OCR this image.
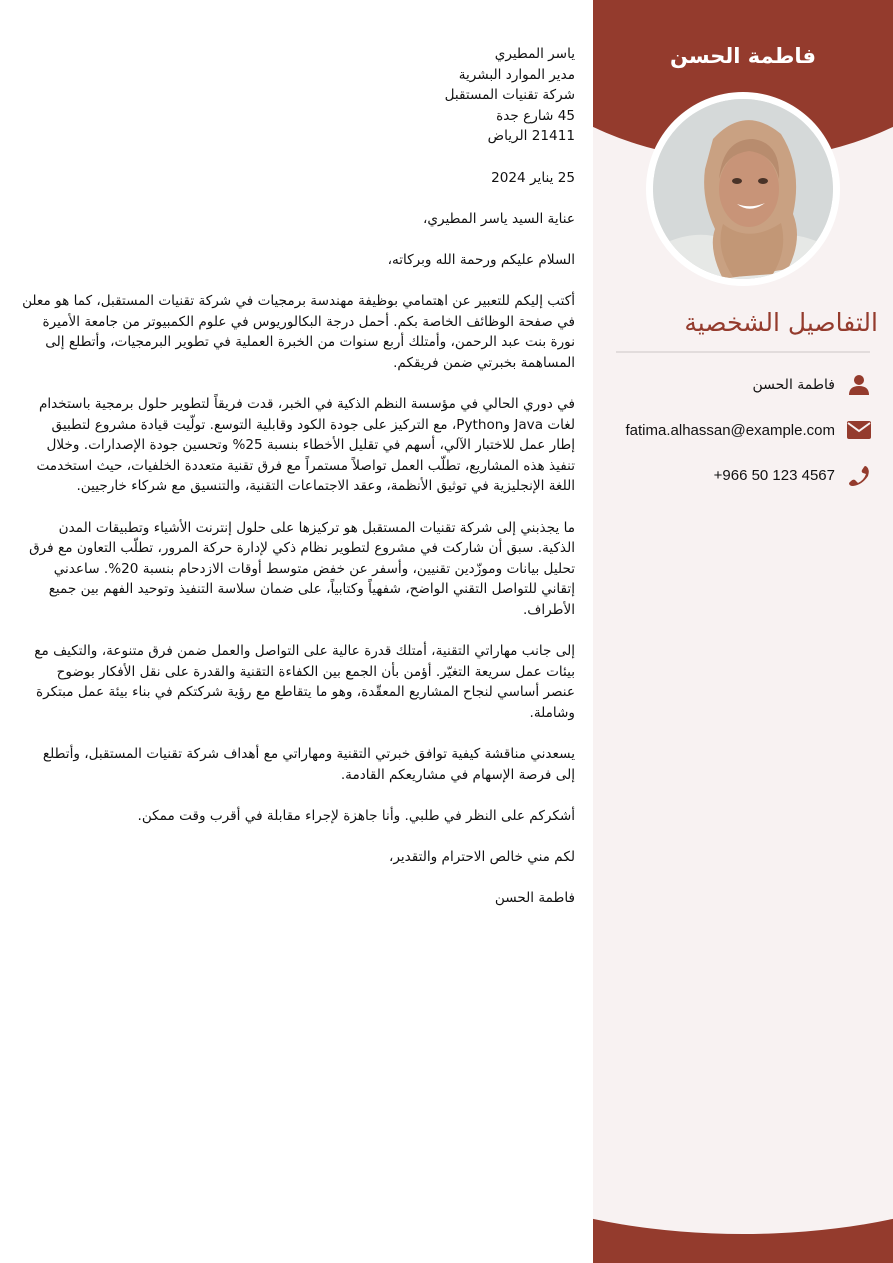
ياسر المطيري
مدير الموارد البشرية
شركة تقنيات المستقبل
45 شارع جدة
21411 الرياض

25 يناير 2024

عناية السيد ياسر المطيري،

السلام عليكم ورحمة الله وبركاته،

أكتب إليكم للتعبير عن اهتمامي بوظيفة مهندسة برمجيات في شركة تقنيات المستقبل، كما هو معلن في صفحة الوظائف الخاصة بكم. أحمل درجة البكالوريوس في علوم الكمبيوتر من جامعة الأميرة نورة بنت عبد الرحمن، وأمتلك أربع سنوات من الخبرة العملية في تطوير البرمجيات، وأتطلع إلى المساهمة بخبرتي ضمن فريقكم.

في دوري الحالي في مؤسسة النظم الذكية في الخبر، قدت فريقاً لتطوير حلول برمجية باستخدام لغات Java وPython، مع التركيز على جودة الكود وقابلية التوسع. تولّيت قيادة مشروع لتطبيق إطار عمل للاختبار الآلي، أسهم في تقليل الأخطاء بنسبة 25% وتحسين جودة الإصدارات. وخلال تنفيذ هذه المشاريع، تطلّب العمل تواصلاً مستمراً مع فرق تقنية متعددة الخلفيات، حيث استخدمت اللغة الإنجليزية في توثيق الأنظمة، وعقد الاجتماعات التقنية، والتنسيق مع شركاء خارجيين.

ما يجذبني إلى شركة تقنيات المستقبل هو تركيزها على حلول إنترنت الأشياء وتطبيقات المدن الذكية. سبق أن شاركت في مشروع لتطوير نظام ذكي لإدارة حركة المرور، تطلّب التعاون مع فرق تحليل بيانات وموزّدين تقنيين، وأسفر عن خفض متوسط أوقات الازدحام بنسبة 20%. ساعدني إتقاني للتواصل التقني الواضح، شفهياً وكتابياً، على ضمان سلاسة التنفيذ وتوحيد الفهم بين جميع الأطراف.

إلى جانب مهاراتي التقنية، أمتلك قدرة عالية على التواصل والعمل ضمن فرق متنوعة، والتكيف مع بيئات عمل سريعة التغيّر. أؤمن بأن الجمع بين الكفاءة التقنية والقدرة على نقل الأفكار بوضوح عنصر أساسي لنجاح المشاريع المعقّدة، وهو ما يتقاطع مع رؤية شركتكم في بناء بيئة عمل مبتكرة وشاملة.

يسعدني مناقشة كيفية توافق خبرتي التقنية ومهاراتي مع أهداف شركة تقنيات المستقبل، وأتطلع إلى فرصة الإسهام في مشاريعكم القادمة.

أشكركم على النظر في طلبي. وأنا جاهزة لإجراء مقابلة في أقرب وقت ممكن.

لكم مني خالص الاحترام والتقدير،

فاطمة الحسن

فاطمة الحسن
التفاصيل الشخصية
فاطمة الحسن
fatima.alhassan@example.com
+966 50 123 4567
